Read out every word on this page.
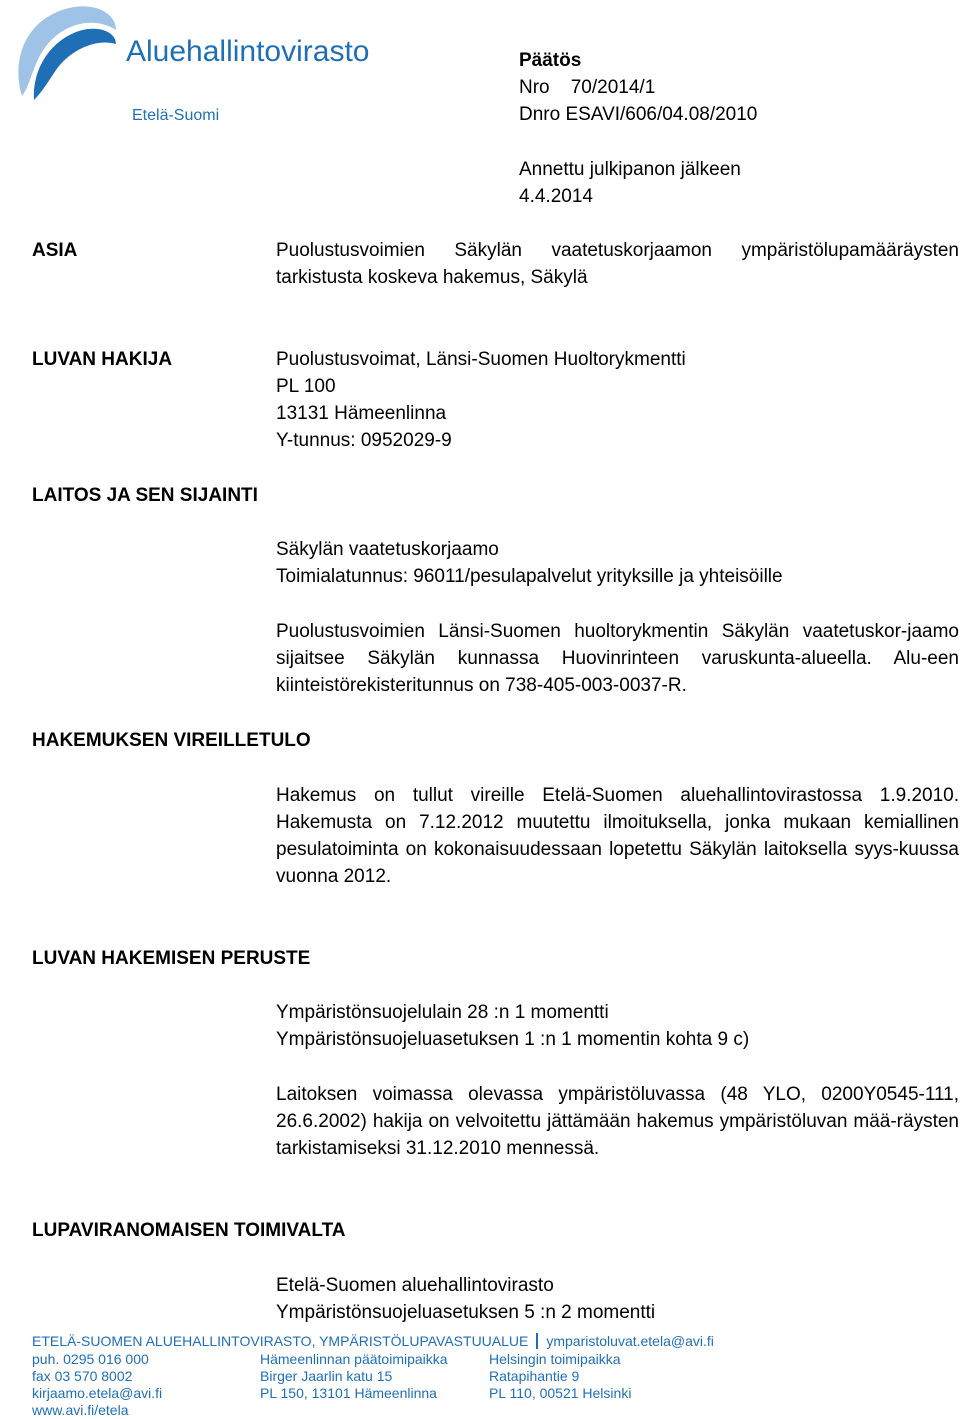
Aluehallintovirasto
Etelä-Suomi
Päätös
Nro    70/2014/1
Dnro ESAVI/606/04.08/2010
Annettu julkipanon jälkeen
4.4.2014
ASIA	Puolustusvoimien Säkylän vaatetuskorjaamon ympäristölupamääräysten tarkistusta koskeva hakemus, Säkylä
LUVAN HAKIJA	Puolustusvoimat, Länsi-Suomen Huoltorykmentti
PL 100
13131 Hämeenlinna
Y-tunnus: 0952029-9
LAITOS JA SEN SIJAINTI
Säkylän vaatetuskorjaamo
Toimialatunnus: 96011/pesulapalvelut yrityksille ja yhteisöille
Puolustusvoimien Länsi-Suomen huoltorykmentin Säkylän vaatetuskor-jaamo sijaitsee Säkylän kunnassa Huovinrinteen varuskunta-alueella. Alu-een kiinteistörekisteritunnus on 738-405-003-0037-R.
HAKEMUKSEN VIREILLETULO
Hakemus on tullut vireille Etelä-Suomen aluehallintovirastossa 1.9.2010. Hakemusta on 7.12.2012 muutettu ilmoituksella, jonka mukaan kemiallinen pesulatoiminta on kokonaisuudessaan lopetettu Säkylän laitoksella syys-kuussa vuonna 2012.
LUVAN HAKEMISEN PERUSTE
Ympäristönsuojelulain 28 :n 1 momentti
Ympäristönsuojeluasetuksen 1 :n 1 momentin kohta 9 c)
Laitoksen voimassa olevassa ympäristöluvassa (48 YLO, 0200Y0545-111, 26.6.2002) hakija on velvoitettu jättämään hakemus ympäristöluvan mää-räysten tarkistamiseksi 31.12.2010 mennessä.
LUPAVIRANOMAISEN TOIMIVALTA
Etelä-Suomen aluehallintovirasto
Ympäristönsuojeluasetuksen 5 :n 2 momentti
ETELÄ-SUOMEN ALUEHALLINTOVIRASTO, YMPÄRISTÖLUPAVASTUUALUE ymparistoluvat.etela@avi.fi
puh. 0295 016 000
fax 03 570 8002
kirjaamo.etela@avi.fi
www.avi.fi/etela
Hämeenlinnan päätoimipaikka
Birger Jaarlin katu 15
PL 150, 13101 Hämeenlinna
Helsingin toimipaikka
Ratapihantie 9
PL 110, 00521 Helsinki
